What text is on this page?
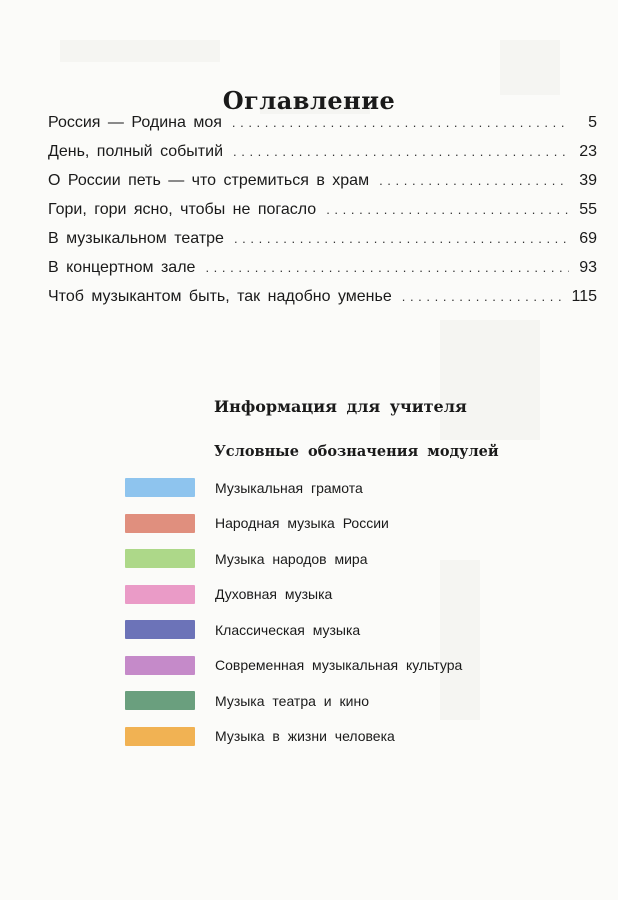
Оглавление
Россия — Родина моя . . .	5
День, полный событий . . .	23
О России петь — что стремиться в храм . . .	39
Гори, гори ясно, чтобы не погасло . . .	55
В музыкальном театре . . .	69
В концертном зале . . .	93
Чтоб музыкантом быть, так надобно уменье . . .	115
Информация для учителя
Условные обозначения модулей
Музыкальная грамота
Народная музыка России
Музыка народов мира
Духовная музыка
Классическая музыка
Современная музыкальная культура
Музыка театра и кино
Музыка в жизни человека
